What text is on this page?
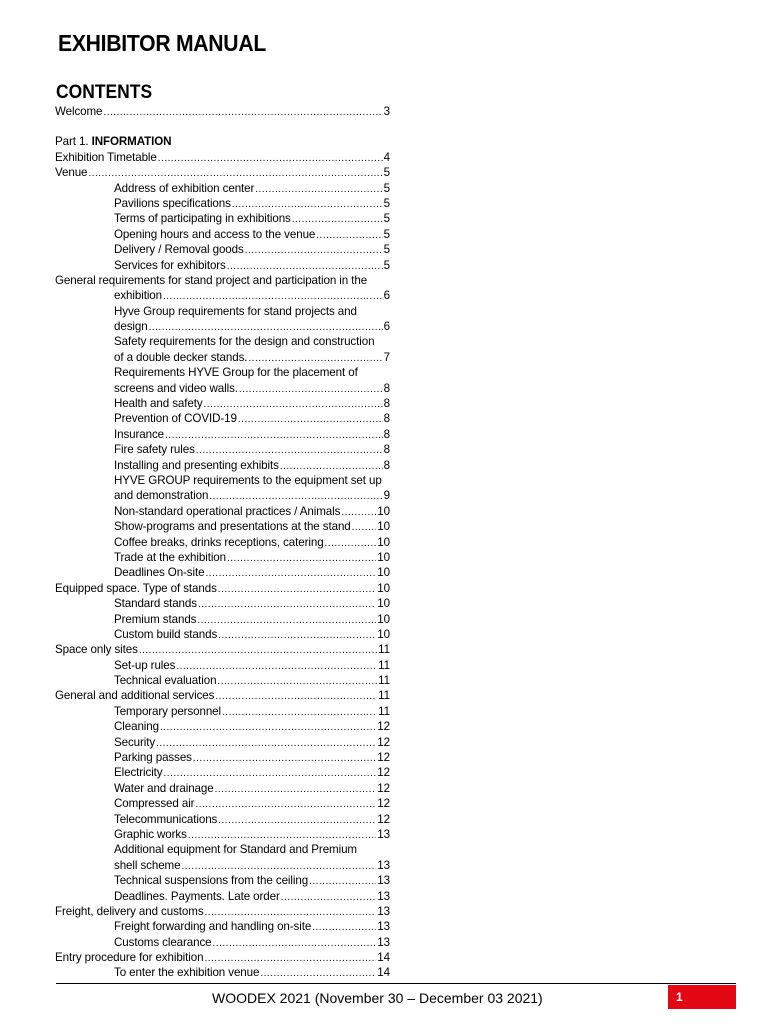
EXHIBITOR MANUAL
CONTENTS
Welcome .....	3
Part 1. INFORMATION
Exhibition Timetable .....	4
Venue .....	5
Address of exhibition center .....	5
Pavilions specifications .....	5
Terms of participating in exhibitions .....	5
Opening hours and access to the venue .....	5
Delivery / Removal goods .....	5
Services for exhibitors .....	5
General requirements for stand project and participation in the
exhibition .....	6
Hyve Group requirements for stand projects and
design .....	6
Safety requirements for the design and construction
of a double decker stands. .....	7
Requirements HYVE Group for the placement of
screens and video walls. .....	8
Health and safety .....	8
Prevention of COVID-19 .....	8
Insurance .....	8
Fire safety rules .....	8
Installing and presenting exhibits .....	8
HYVE GROUP requirements to the equipment set up
and demonstration .....	9
Non-standard operational practices / Animals .....	10
Show-programs and presentations at the stand ..... 10
Coffee breaks, drinks receptions, catering .....	10
Trade at the exhibition .....	10
Deadlines On-site .....	10
Equipped space. Type of stands .....	10
Standard stands .....	10
Premium stands .....	10
Custom build stands .....	10
Space only sites .....	11
Set-up rules .....	11
Technical evaluation .....	11
General and additional services .....	11
Temporary personnel .....	11
Cleaning .....	12
Security .....	12
Parking passes .....	12
Electricity .....	12
Water and drainage .....	12
Compressed air .....	12
Telecommunications .....	12
Graphic works .....	13
Additional equipment for Standard and Premium
shell scheme .....	13
Technical suspensions from the ceiling .....	13
Deadlines. Payments. Late order .....	13
Freight, delivery and customs .....	13
Freight forwarding and handling on-site .....	13
Customs clearance .....	13
Entry procedure for exhibition .....	14
To enter the exhibition venue .....	14
WOODEX 2021 (November 30 – December 03 2021)	1
